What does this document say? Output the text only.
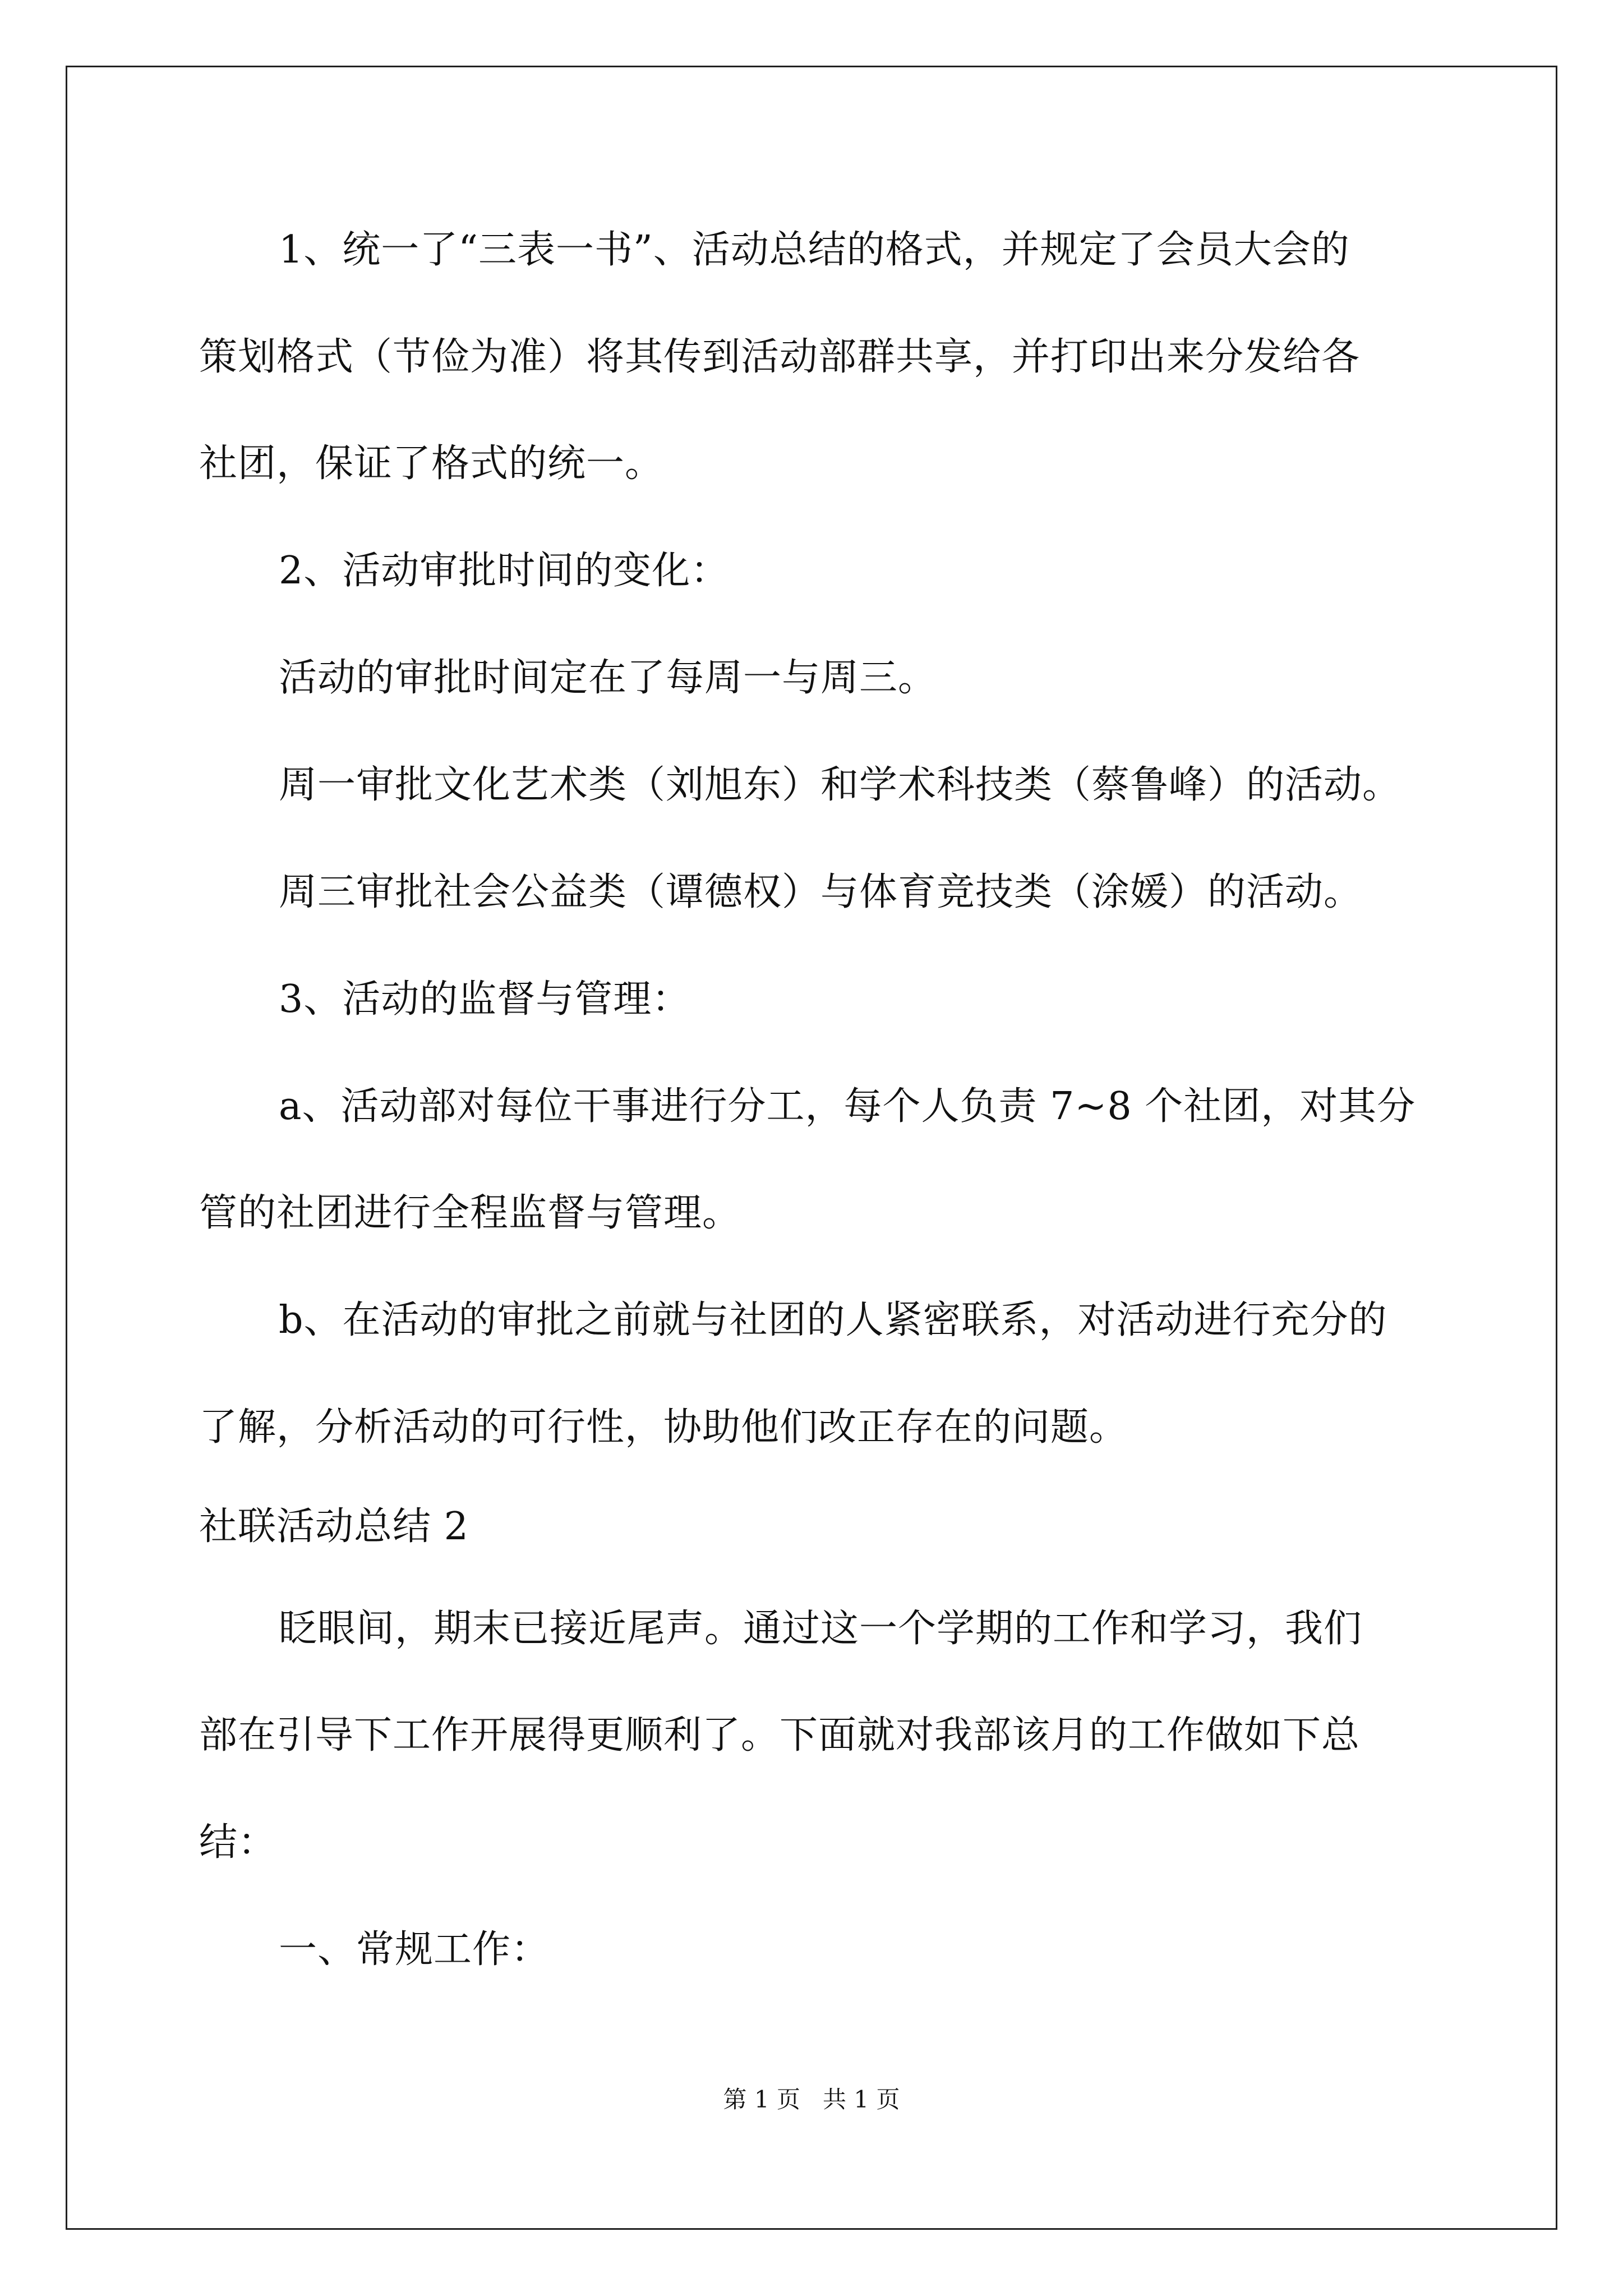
1、统一了“三表一书”、活动总结的格式，并规定了会员大会的
策划格式（节俭为准）将其传到活动部群共享，并打印出来分发给各
社团，保证了格式的统一。
2、活动审批时间的变化：
活动的审批时间定在了每周一与周三。
周一审批文化艺术类（刘旭东）和学术科技类（蔡鲁峰）的活动。
周三审批社会公益类（谭德权）与体育竞技类（涂媛）的活动。
3、活动的监督与管理：
a、活动部对每位干事进行分工，每个人负责 7~8 个社团，对其分
管的社团进行全程监督与管理。
b、在活动的审批之前就与社团的人紧密联系，对活动进行充分的
了解，分析活动的可行性，协助他们改正存在的问题。
社联活动总结 2
眨眼间，期末已接近尾声。通过这一个学期的工作和学习，我们
部在引导下工作开展得更顺利了。下面就对我部该月的工作做如下总
结：
一、常规工作：
第 1 页   共 1 页
